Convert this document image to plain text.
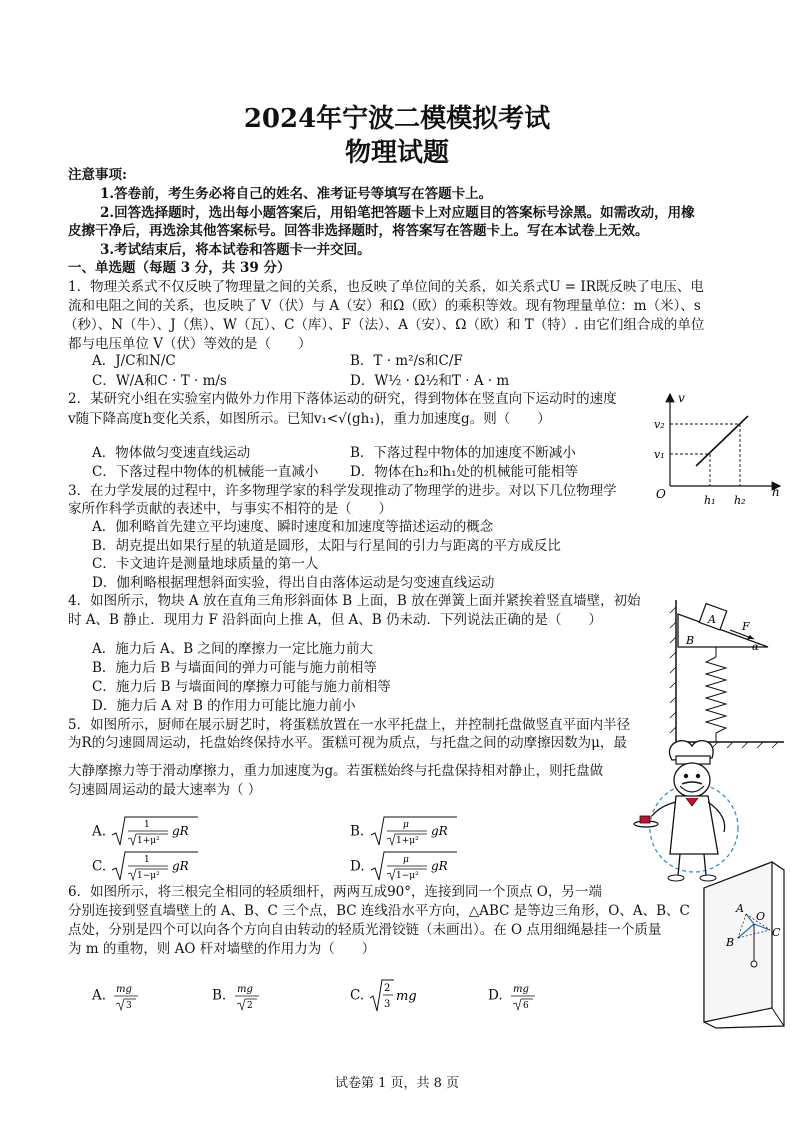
2024年宁波二模模拟考试
物理试题
注意事项:
1.答卷前，考生务必将自己的姓名、准考证号等填写在答题卡上。
2.回答选择题时，选出每小题答案后，用铅笔把答题卡上对应题目的答案标号涂黑。如需改动，用橡
皮擦干净后，再选涂其他答案标号。回答非选择题时，将答案写在答题卡上。写在本试卷上无效。
3.考试结束后，将本试卷和答题卡一并交回。
一、单选题（每题 3 分，共 39 分）
1．物理关系式不仅反映了物理量之间的关系，也反映了单位间的关系，如关系式U = IR既反映了电压、电
流和电阻之间的关系，也反映了 V（伏）与 A（安）和Ω（欧）的乘积等效。现有物理量单位：m（米）、s
（秒）、N（牛）、J（焦）、W（瓦）、C（库）、F（法）、A（安）、Ω（欧）和 T（特）. 由它们组合成的单位
都与电压单位 V（伏）等效的是（　　）
A．J/C和N/C	B．T · m²/s和C/F
C．W/A和C · T · m/s	D．W½ · Ω½和T · A · m
2．某研究小组在实验室内做外力作用下落体运动的研究，得到物体在竖直向下运动时的速度
v随下降高度h变化关系，如图所示。已知v₁<√(gh₁)，重力加速度g。则（　　）
A．物体做匀变速直线运动	B．下落过程中物体的加速度不断减小
C．下落过程中物体的机械能一直减小 D．物体在h₂和h₁处的机械能可能相等
v
v₂
v₁
O	h
h₁ h₂
3．在力学发展的过程中，许多物理学家的科学发现推动了物理学的进步。对以下几位物理学
家所作科学贡献的表述中，与事实不相符的是（　　）
A．伽利略首先建立平均速度、瞬时速度和加速度等描述运动的概念
B．胡克提出如果行星的轨道是圆形，太阳与行星间的引力与距离的平方成反比
C．卡文迪许是测量地球质量的第一人
D．伽利略根据理想斜面实验，得出自由落体运动是匀变速直线运动
4．如图所示，物块 A 放在直角三角形斜面体 B 上面，B 放在弹簧上面并紧挨着竖直墙壁，初始
时 A、B 静止．现用力 F 沿斜面向上推 A，但 A、B 仍未动．下列说法正确的是（　　）
A．施力后 A、B 之间的摩擦力一定比施力前大
B．施力后 B 与墙面间的弹力可能与施力前相等
C．施力后 B 与墙面间的摩擦力可能与施力前相等
D．施力后 A 对 B 的作用力可能比施力前小
A
F
B
α
5．如图所示，厨师在展示厨艺时，将蛋糕放置在一水平托盘上，并控制托盘做竖直平面内半径
为R的匀速圆周运动，托盘始终保持水平。蛋糕可视为质点，与托盘之间的动摩擦因数为μ，最
大静摩擦力等于滑动摩擦力，重力加速度为g。若蛋糕始终与托盘保持相对静止，则托盘做
匀速圆周运动的最大速率为（ ）
A.	1
1+μ²
gR	B.	μ
1+μ²
gR
C.	1
1−μ²
gR	D.	μ
1−μ²
gR
6．如图所示，将三根完全相同的轻质细杆，两两互成90°，连接到同一个顶点 O，另一端
分别连接到竖直墙壁上的 A、B、C 三个点，BC 连线沿水平方向，△ABC 是等边三角形，O、A、B、C
点处，分别是四个可以向各个方向自由转动的轻质光滑铰链（未画出）。在 O 点用细绳悬挂一个质量
为 m 的重物，则 AO 杆对墙壁的作用力为（　　）
A. mg
3
B. mg
2
C. 2
3
mg	D. mg
6
A
O
B
C
试卷第 1 页，共 8 页
